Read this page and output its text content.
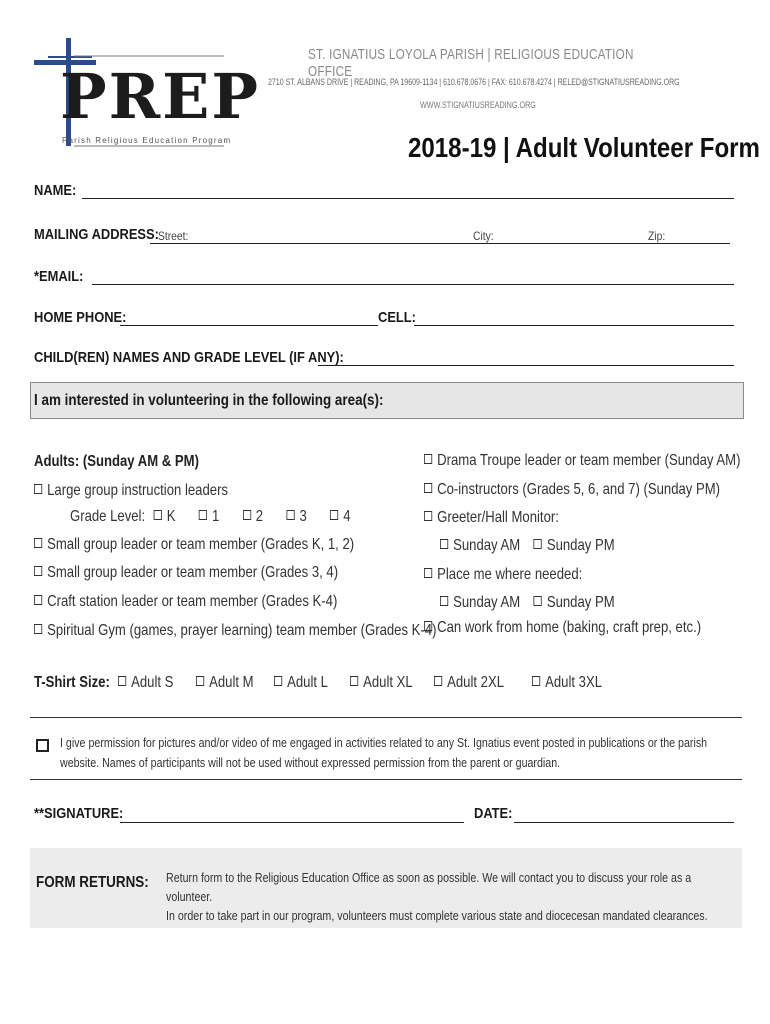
PREP
Parish Religious Education Program
ST. IGNATIUS LOYOLA PARISH | RELIGIOUS EDUCATION OFFICE
2710 ST. ALBANS DRIVE | READING, PA 19609-1134 | 610.678.0676 | FAX: 610.678.4274 | RELED@STIGNATIUSREADING.ORG
WWW.STIGNATIUSREADING.ORG
2018-19 | Adult Volunteer Form
NAME:
MAILING ADDRESS: Street:	City:	Zip:
*EMAIL:
HOME PHONE:	CELL:
CHILD(REN) NAMES AND GRADE LEVEL (IF ANY):
I am interested in volunteering in the following area(s):
Adults: (Sunday AM & PM)
Large group instruction leaders
Grade Level: K 1 2 3 4
Small group leader or team member (Grades K, 1, 2)
Small group leader or team member (Grades 3, 4)
Craft station leader or team member (Grades K-4)
Spiritual Gym (games, prayer learning) team member (Grades K-4)
Drama Troupe leader or team member (Sunday AM)
Co-instructors (Grades 5, 6, and 7) (Sunday PM)
Greeter/Hall Monitor:
Sunday AM Sunday PM
Place me where needed:
Sunday AM Sunday PM
Can work from home (baking, craft prep, etc.)
T-Shirt Size:	Adult S	Adult M	Adult L	Adult XL	Adult 2XL	Adult 3XL
I give permission for pictures and/or video of me engaged in activities related to any St. Ignatius event posted in publications or the parish website. Names of participants will not be used without expressed permission from the parent or guardian.
**SIGNATURE:	DATE:
FORM RETURNS: Return form to the Religious Education Office as soon as possible. We will contact you to discuss your role as a volunteer.
In order to take part in our program, volunteers must complete various state and diocecesan mandated clearances.
